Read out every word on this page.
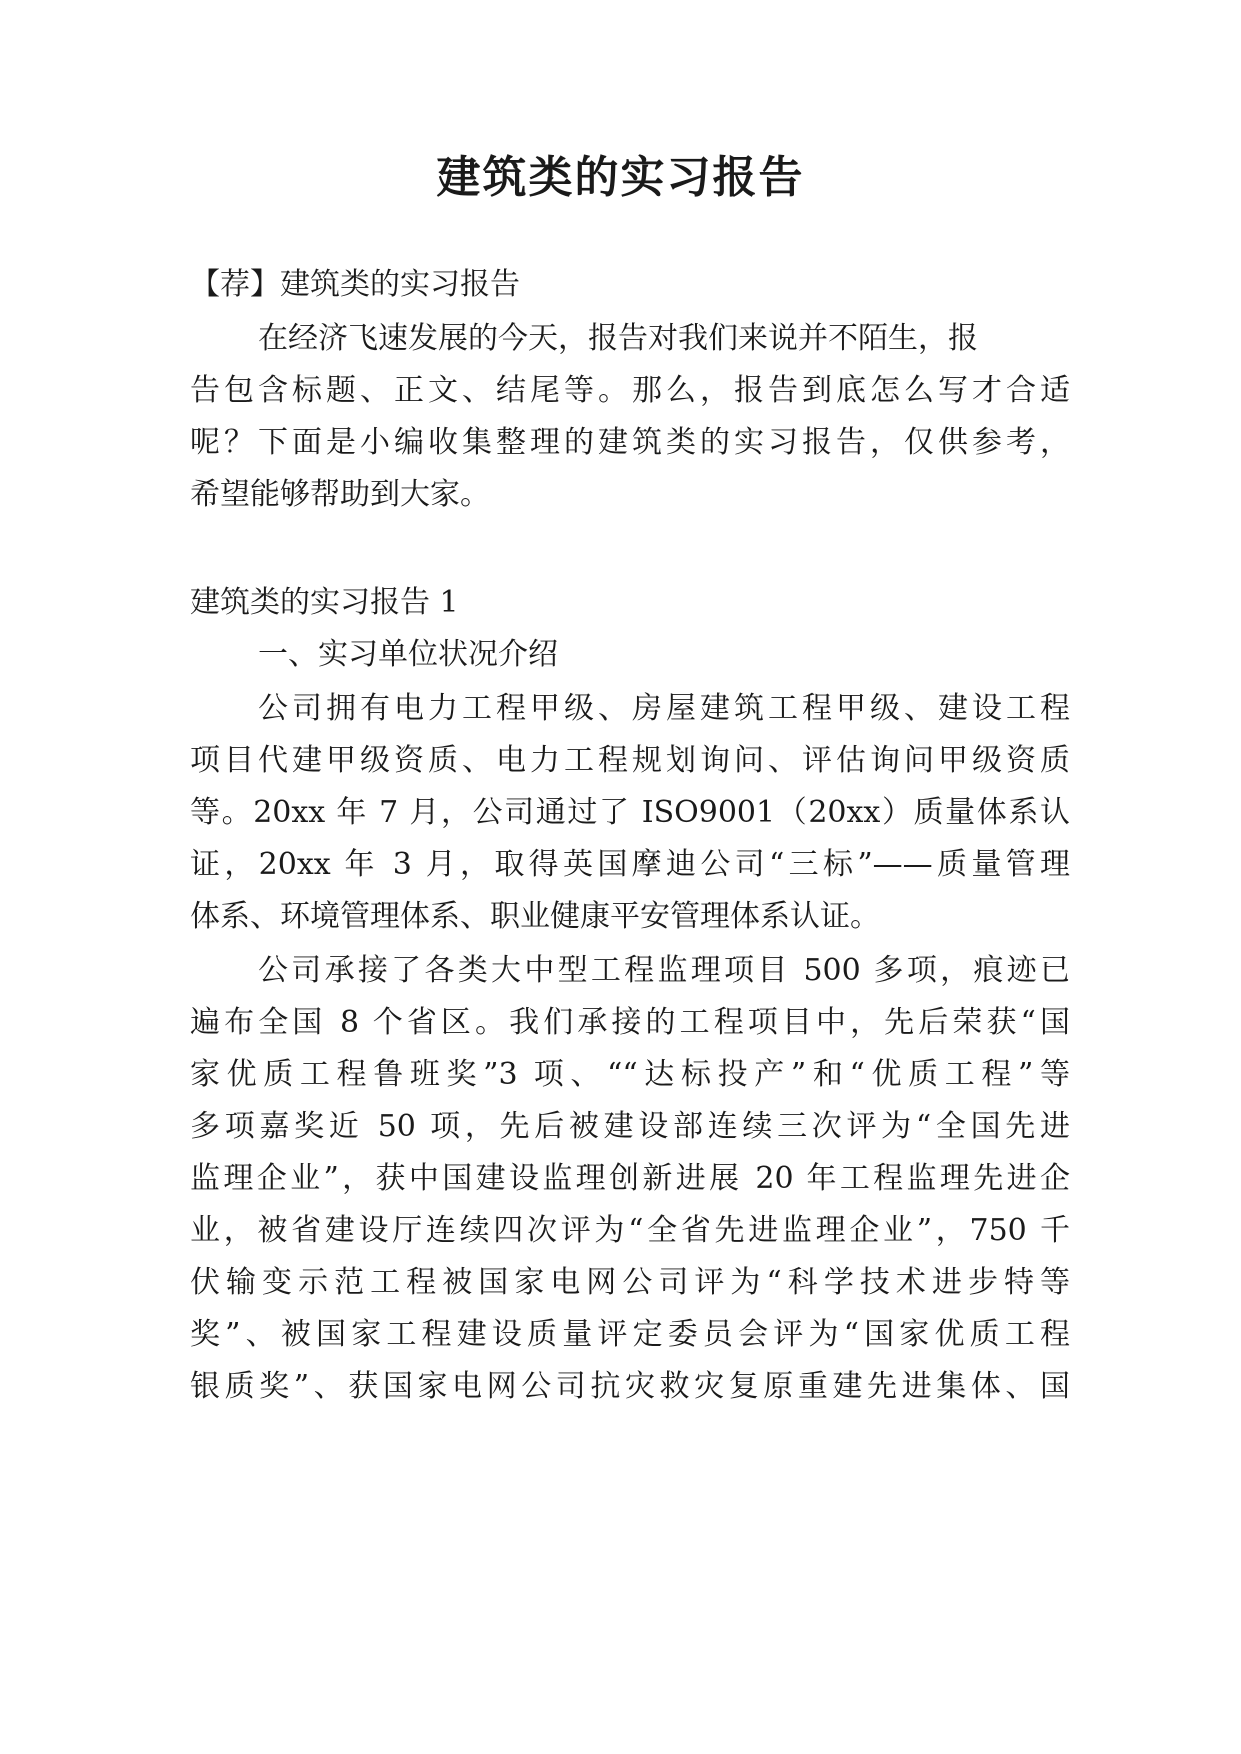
建筑类的实习报告

【荐】建筑类的实习报告

在经济飞速发展的今天，报告对我们来说并不陌生，报

告包含标题、正文、结尾等。那么，报告到底怎么写才合适

呢？下面是小编收集整理的建筑类的实习报告，仅供参考，

希望能够帮助到大家。

建筑类的实习报告 1

一、实习单位状况介绍

公司拥有电力工程甲级、房屋建筑工程甲级、建设工程

项目代建甲级资质、电力工程规划询问、评估询问甲级资质

等。20xx 年 7 月，公司通过了 ISO9001（20xx）质量体系认

证，20xx 年 3 月，取得英国摩迪公司“三标”——质量管理

体系、环境管理体系、职业健康平安管理体系认证。

公司承接了各类大中型工程监理项目 500 多项，痕迹已

遍布全国 8 个省区。我们承接的工程项目中，先后荣获“国

家优质工程鲁班奖”3 项、““达标投产”和“优质工程”等

多项嘉奖近 50 项，先后被建设部连续三次评为“全国先进

监理企业”，获中国建设监理创新进展 20 年工程监理先进企

业，被省建设厅连续四次评为“全省先进监理企业”，750 千

伏输变示范工程被国家电网公司评为“科学技术进步特等

奖”、被国家工程建设质量评定委员会评为“国家优质工程

银质奖”、获国家电网公司抗灾救灾复原重建先进集体、国
